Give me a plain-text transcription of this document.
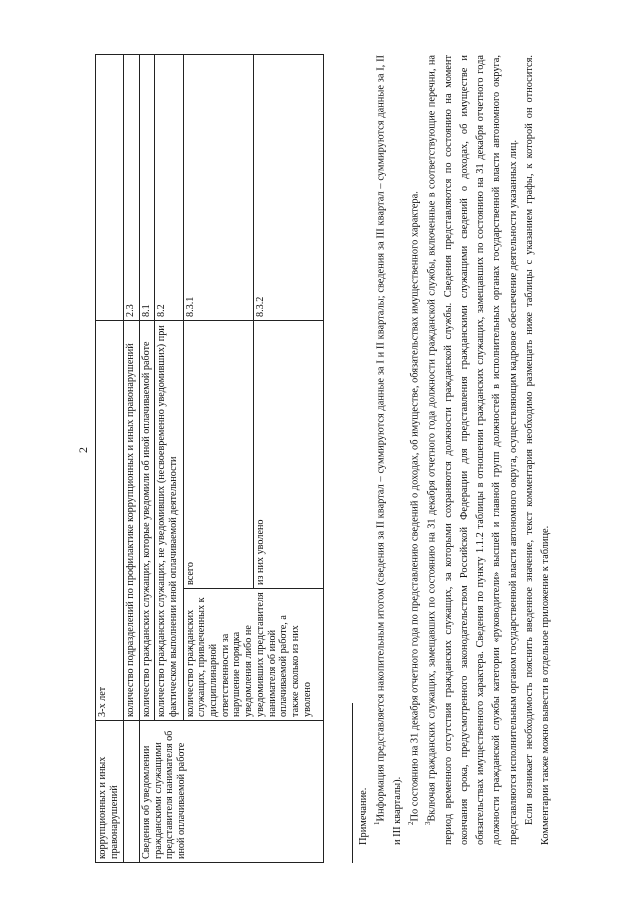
2
коррупционных и иных правонарушений	3-х лет		
	количество подразделений по профилактике коррупционных и иных правонарушений		2.3
Сведения об уведомлении гражданскими служащими представителя нанимателя об иной оплачиваемой работе	количество гражданских служащих, которые уведомили об иной оплачиваемой работе		8.1
	количество гражданских служащих, не уведомивших (несвоевременно уведомивших) при фактическом выполнении иной оплачиваемой деятельности		8.2
	количество гражданских служащих, привлеченных к дисциплинарной ответственности за нарушение порядка уведомления либо не уведомивших представителя нанимателя об иной оплачиваемой работе, а также сколько из них уволено	всего	8.3.1
		из них уволено	8.3.2

Примечание. $^1$Информация представляется накопительным итогом (сведения за II квартал – суммируются данные за I и II кварталы; сведения за III квартал – суммируются данные за I, II и III кварталы). $^2$По состоянию на 31 декабря отчетного года по представлению сведений о доходах, об имуществе, обязательствах имущественного характера.

$^3$Включая гражданских служащих, замещавших по состоянию на 31 декабря отчетного года должности гражданской службы, включенные в соответствующие перечни, на период временного отсутствия гражданских служащих, за которыми сохраняются должности гражданской службы. Сведения представляются по состоянию на момент окончания срока, предусмотренного законодательством Российской Федерации для представления гражданскими служащими сведений о доходах, об имуществе и обязательствах имущественного характера. Сведения по пункту 1.1.2 таблицы в отношении гражданских служащих, замещавших по состоянию на 31 декабря отчетного года должности гражданской службы категории «руководители» высшей и главной групп должностей в исполнительных органах государственной власти автономного округа, представляются исполнительным органом государственной власти автономного округа, осуществляющим кадровое обеспечение деятельности указанных лиц. Если возникает необходимость пояснить введенное значение, текст комментария необходимо размещать ниже таблицы с указанием графы, к которой он относится. Комментарии также можно вывести в отдельное приложение к таблице.
